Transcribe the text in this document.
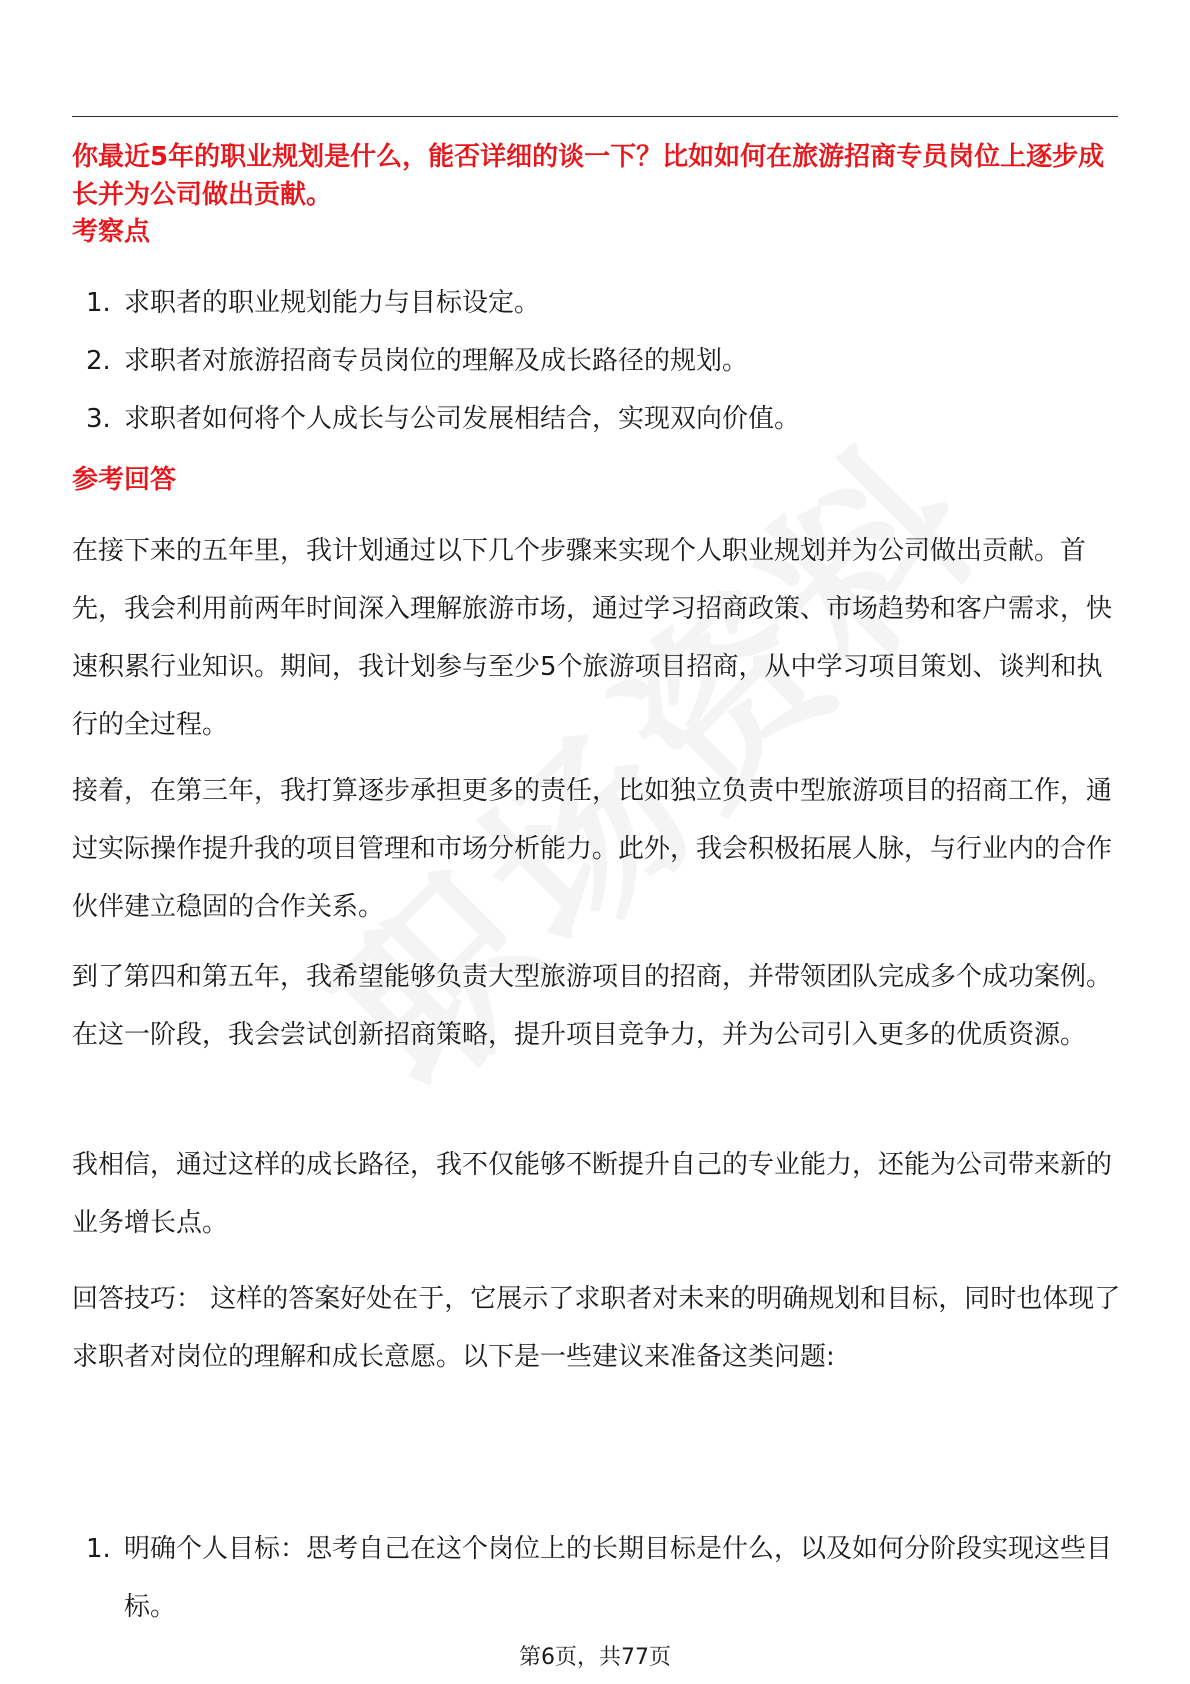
你最近5年的职业规划是什么，能否详细的谈一下？比如如何在旅游招商专员岗位上逐步成长并为公司做出贡献。

考察点
1. 求职者的职业规划能力与目标设定。
2. 求职者对旅游招商专员岗位的理解及成长路径的规划。
3. 求职者如何将个人成长与公司发展相结合，实现双向价值。
参考回答

在接下来的五年里，我计划通过以下几个步骤来实现个人职业规划并为公司做出贡献。首先，我会利用前两年时间深入理解旅游市场，通过学习招商政策、市场趋势和客户需求，快速积累行业知识。期间，我计划参与至少5个旅游项目招商，从中学习项目策划、谈判和执行的全过程。

接着，在第三年，我打算逐步承担更多的责任，比如独立负责中型旅游项目的招商工作，通过实际操作提升我的项目管理和市场分析能力。此外，我会积极拓展人脉，与行业内的合作伙伴建立稳固的合作关系。

到了第四和第五年，我希望能够负责大型旅游项目的招商，并带领团队完成多个成功案例。在这一阶段，我会尝试创新招商策略，提升项目竞争力，并为公司引入更多的优质资源。

我相信，通过这样的成长路径，我不仅能够不断提升自己的专业能力，还能为公司带来新的业务增长点。

回答技巧： 这样的答案好处在于，它展示了求职者对未来的明确规划和目标，同时也体现了求职者对岗位的理解和成长意愿。以下是一些建议来准备这类问题:

1. 明确个人目标：思考自己在这个岗位上的长期目标是什么，以及如何分阶段实现这些目标。
第6页，共77页
